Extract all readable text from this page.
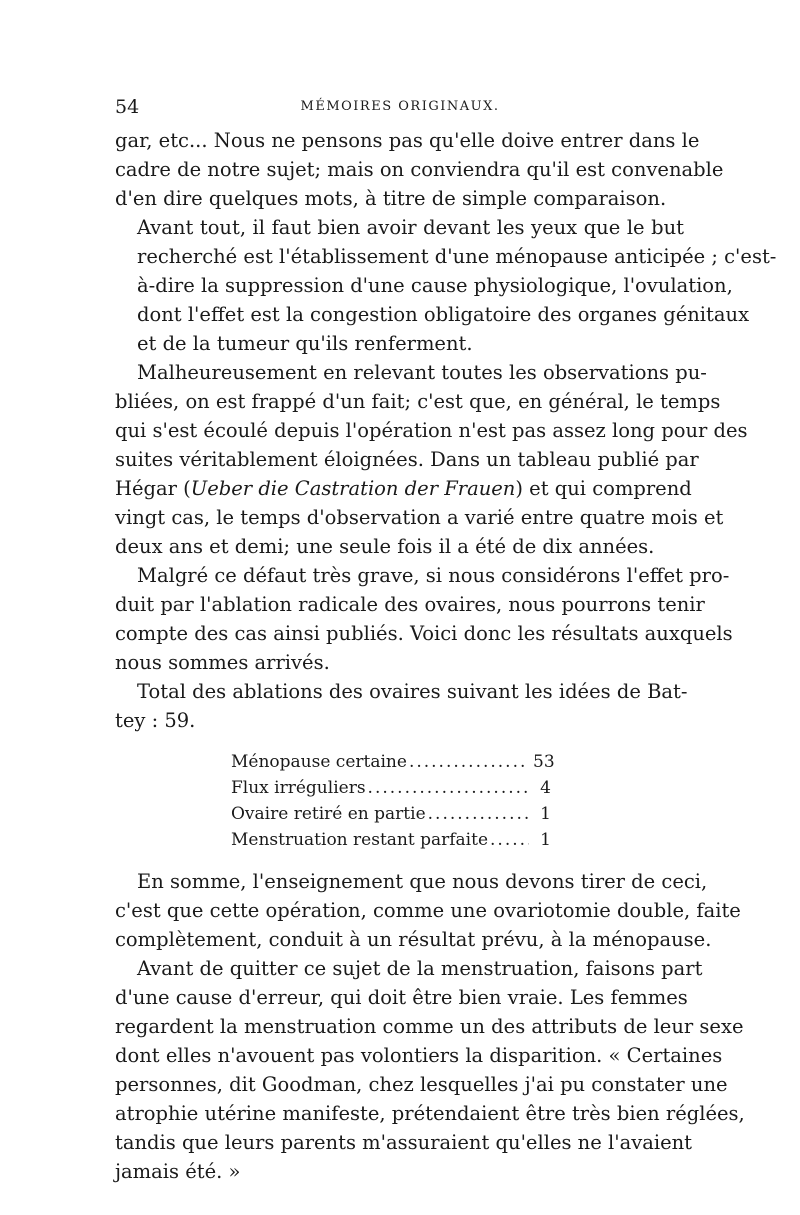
54	MÉMOIRES ORIGINAUX.

gar, etc... Nous ne pensons pas qu'elle doive entrer dans le
cadre de notre sujet; mais on conviendra qu'il est convenable
d'en dire quelques mots, à titre de simple comparaison.

Avant tout, il faut bien avoir devant les yeux que le but
recherché est l'établissement d'une ménopause anticipée ; c'est-
à-dire la suppression d'une cause physiologique, l'ovulation,
dont l'effet est la congestion obligatoire des organes génitaux
et de la tumeur qu'ils renferment.

Malheureusement en relevant toutes les observations pu-
bliées, on est frappé d'un fait; c'est que, en général, le temps
qui s'est écoulé depuis l'opération n'est pas assez long pour des
suites véritablement éloignées. Dans un tableau publié par
Hégar (Ueber die Castration der Frauen) et qui comprend
vingt cas, le temps d'observation a varié entre quatre mois et
deux ans et demi; une seule fois il a été de dix années.

Malgré ce défaut très grave, si nous considérons l'effet pro-
duit par l'ablation radicale des ovaires, nous pourrons tenir
compte des cas ainsi publiés. Voici donc les résultats auxquels
nous sommes arrivés.

Total des ablations des ovaires suivant les idées de Bat-
tey : 59.

Ménopause certaine .....	53
Flux irréguliers .....	4
Ovaire retiré en partie .....	1
Menstruation restant parfaite .....	1

En somme, l'enseignement que nous devons tirer de ceci,
c'est que cette opération, comme une ovariotomie double, faite
complètement, conduit à un résultat prévu, à la ménopause.

Avant de quitter ce sujet de la menstruation, faisons part
d'une cause d'erreur, qui doit être bien vraie. Les femmes
regardent la menstruation comme un des attributs de leur sexe
dont elles n'avouent pas volontiers la disparition. « Certaines
personnes, dit Goodman, chez lesquelles j'ai pu constater une
atrophie utérine manifeste, prétendaient être très bien réglées,
tandis que leurs parents m'assuraient qu'elles ne l'avaient
jamais été. »
